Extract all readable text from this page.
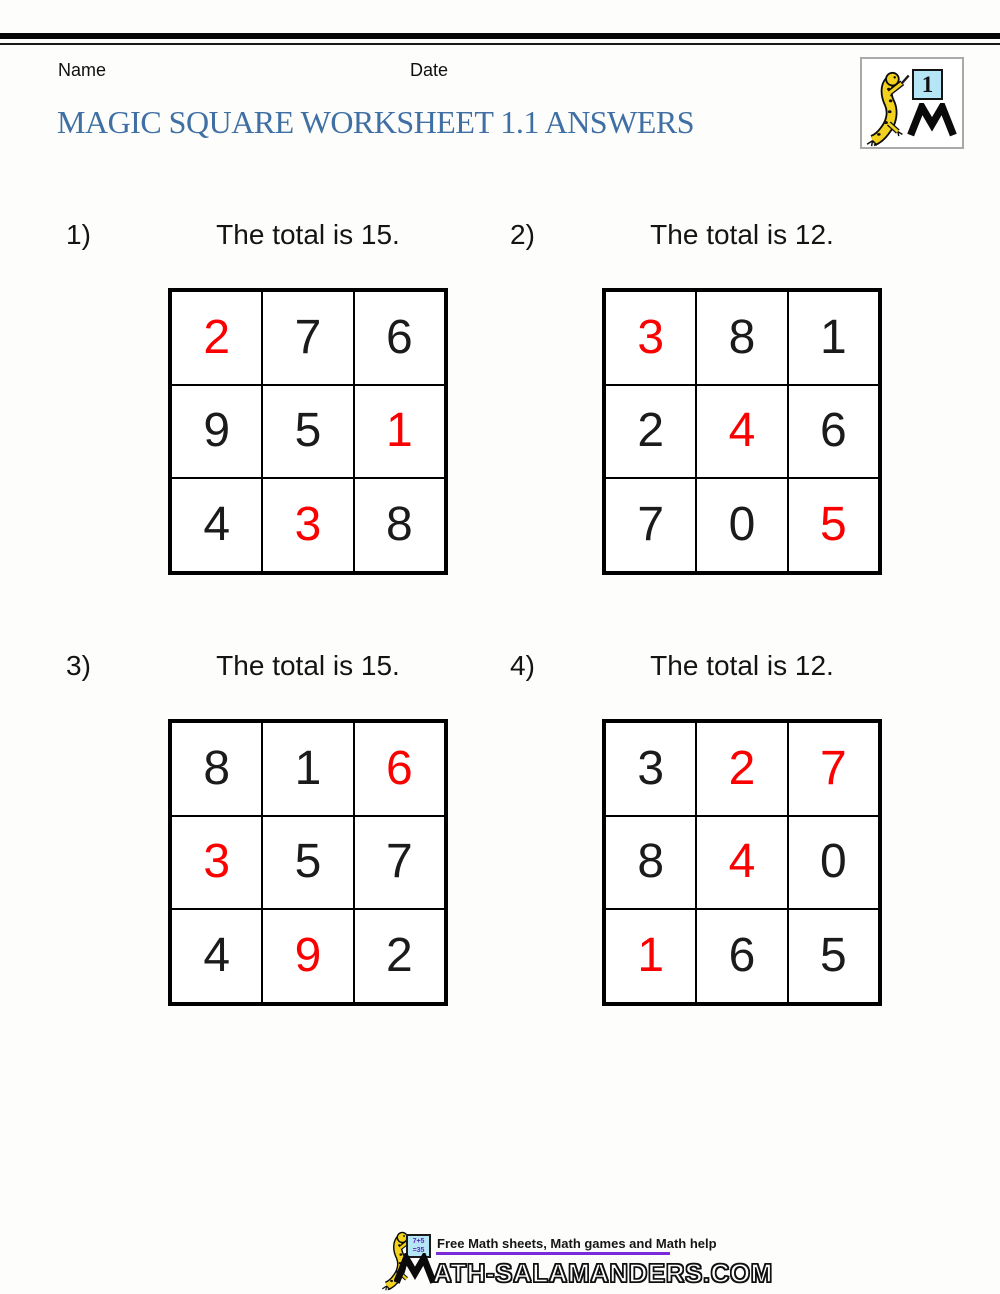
Name	Date
MAGIC SQUARE WORKSHEET 1.1 ANSWERS
1
1)	The total is 15.	2)	The total is 12.
3)	The total is 15.	4)	The total is 12.
2	7	6
9	5	1
4	3	8
3	8	1
2	4	6
7	0	5
8	1	6
3	5	7
4	9	2
3	2	7
8	4	0
1	6	5
7+5
=35 Free Math sheets, Math games and Math help
ATH-SALAMANDERS.COM
